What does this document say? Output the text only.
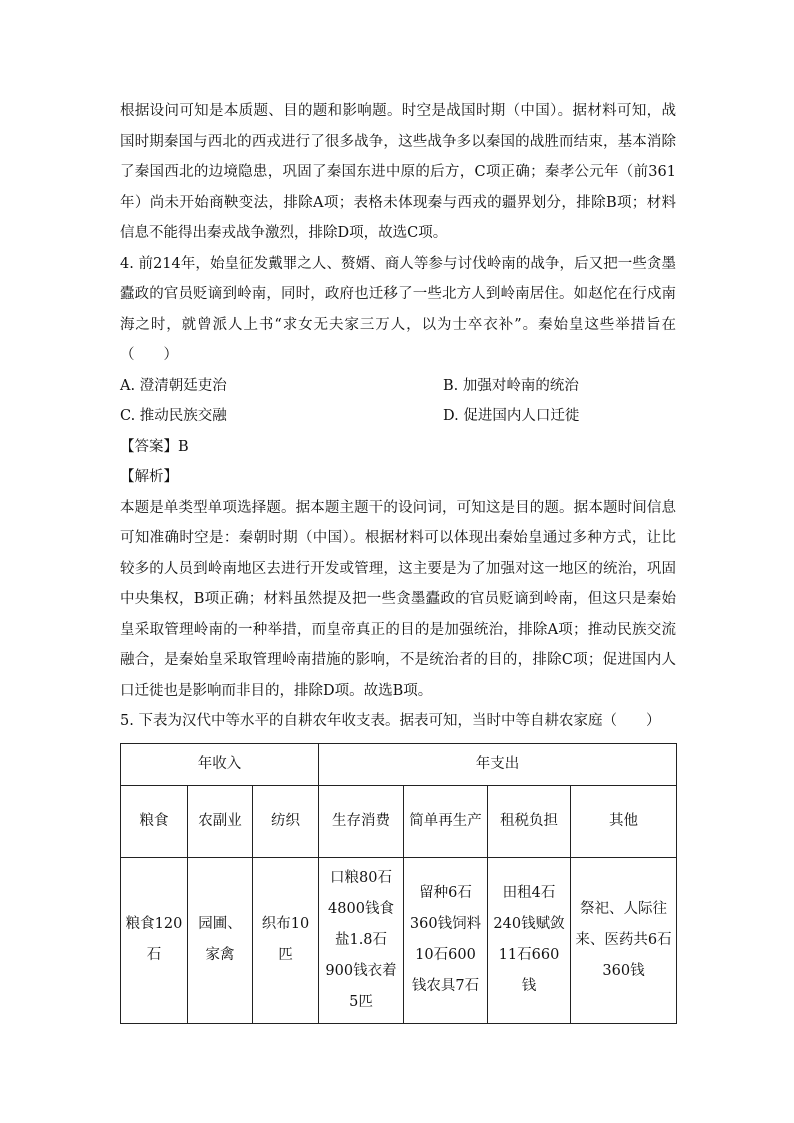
根据设问可知是本质题、目的题和影响题。时空是战国时期（中国）。据材料可知，战国时期秦国与西北的西戎进行了很多战争，这些战争多以秦国的战胜而结束，基本消除了秦国西北的边境隐患，巩固了秦国东进中原的后方，C项正确；秦孝公元年（前361年）尚未开始商鞅变法，排除A项；表格未体现秦与西戎的疆界划分，排除B项；材料信息不能得出秦戎战争激烈，排除D项，故选C项。

4. 前214年，始皇征发戴罪之人、赘婿、商人等参与讨伐岭南的战争，后又把一些贪墨蠹政的官员贬谪到岭南，同时，政府也迁移了一些北方人到岭南居住。如赵佗在行戍南海之时，就曾派人上书“求女无夫家三万人，以为士卒衣补”。秦始皇这些举措旨在（　　）

A. 澄清朝廷吏治	B. 加强对岭南的统治
C. 推动民族交融	D. 促进国内人口迁徙

【答案】B

【解析】

本题是单类型单项选择题。据本题主题干的设问词，可知这是目的题。据本题时间信息可知准确时空是：秦朝时期（中国）。根据材料可以体现出秦始皇通过多种方式，让比较多的人员到岭南地区去进行开发或管理，这主要是为了加强对这一地区的统治，巩固中央集权，B项正确；材料虽然提及把一些贪墨蠹政的官员贬谪到岭南，但这只是秦始皇采取管理岭南的一种举措，而皇帝真正的目的是加强统治，排除A项；推动民族交流融合，是秦始皇采取管理岭南措施的影响，不是统治者的目的，排除C项；促进国内人口迁徙也是影响而非目的，排除D项。故选B项。

5. 下表为汉代中等水平的自耕农年收支表。据表可知，当时中等自耕农家庭（　　）

年收入			年支出			
粮食	农副业	纺织	生存消费	简单再生产	租税负担	其他
粮食120石	园圃、家禽	织布10匹	口粮80石4800钱食盐1.8石900钱衣着5匹	留种6石360钱饲料10石600钱农具7石	田租4石240钱赋敛11石660钱	祭祀、人际往来、医药共6石360钱
